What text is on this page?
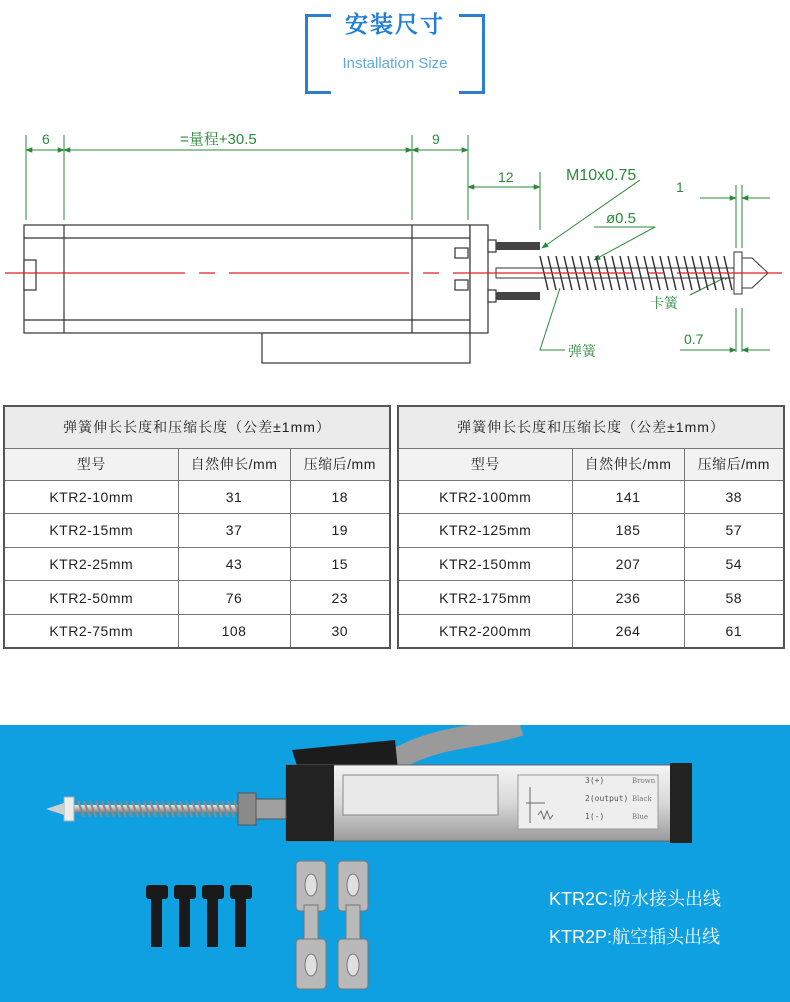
安装尺寸
Installation Size
6	=量程+30.5	9
12	M10x0.75
ø0.5
1
卡簧
0.7
弹簧
弹簧伸长长度和压缩长度（公差±1mm）		
型号	自然伸长/mm	压缩后/mm
KTR2-10mm	31	18
KTR2-15mm	37	19
KTR2-25mm	43	15
KTR2-50mm	76	23
KTR2-75mm	108	30
弹簧伸长长度和压缩长度（公差±1mm）		
型号	自然伸长/mm	压缩后/mm
KTR2-100mm	141	38
KTR2-125mm	185	57
KTR2-150mm	207	54
KTR2-175mm	236	58
KTR2-200mm	264	61
3(+)
2(output)
1(-)
Brown
Black
Blue
KTR2C:防水接头出线
KTR2P:航空插头出线
